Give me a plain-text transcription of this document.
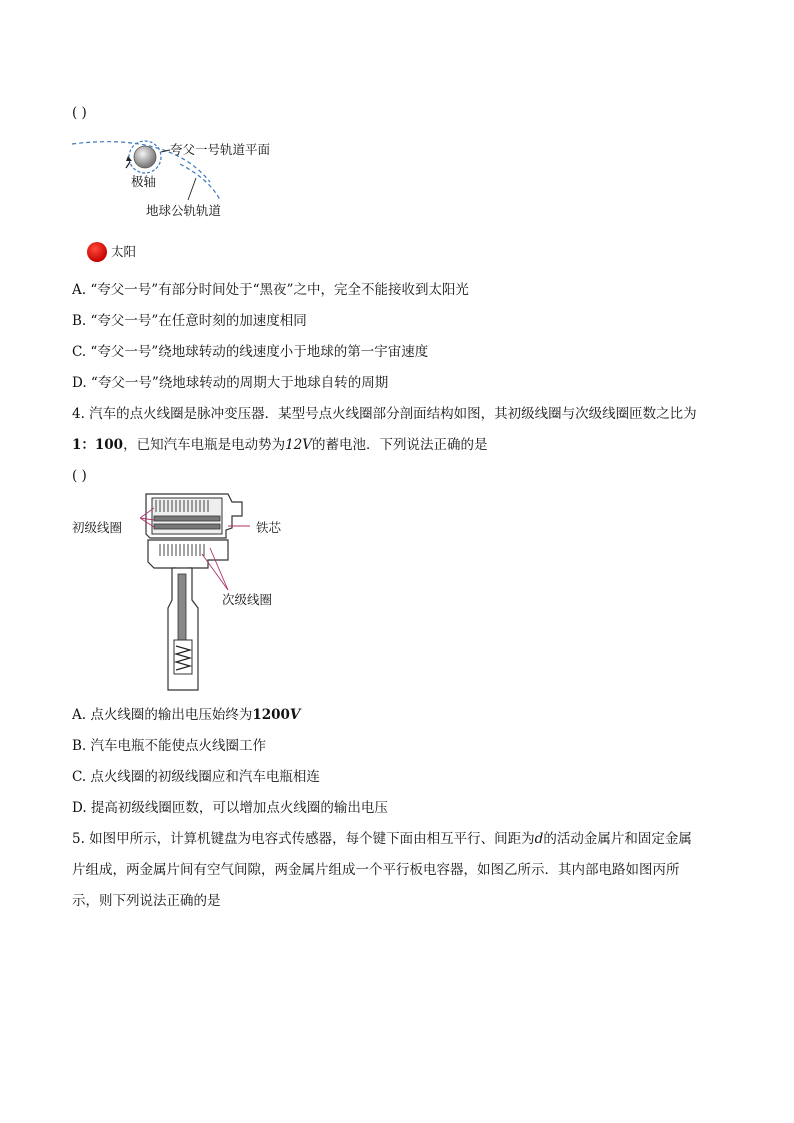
( )
夸父一号轨道平面
极轴
地球公轨轨道
太阳
A. “夸父一号”有部分时间处于“黑夜”之中，完全不能接收到太阳光
B. “夸父一号”在任意时刻的加速度相同
C. “夸父一号”绕地球转动的线速度小于地球的第一宇宙速度
D. “夸父一号”绕地球转动的周期大于地球自转的周期
4. 汽车的点火线圈是脉冲变压器．某型号点火线圈部分剖面结构如图，其初级线圈与次级线圈匝数之比为
1：100，已知汽车电瓶是电动势为12V的蓄电池．下列说法正确的是
( )
初级线圈	铁芯
次级线圈
A. 点火线圈的输出电压始终为1200V
B. 汽车电瓶不能使点火线圈工作
C. 点火线圈的初级线圈应和汽车电瓶相连
D. 提高初级线圈匝数，可以增加点火线圈的输出电压
5. 如图甲所示，计算机键盘为电容式传感器，每个键下面由相互平行、间距为d的活动金属片和固定金属
片组成，两金属片间有空气间隙，两金属片组成一个平行板电容器，如图乙所示．其内部电路如图丙所
示，则下列说法正确的是
